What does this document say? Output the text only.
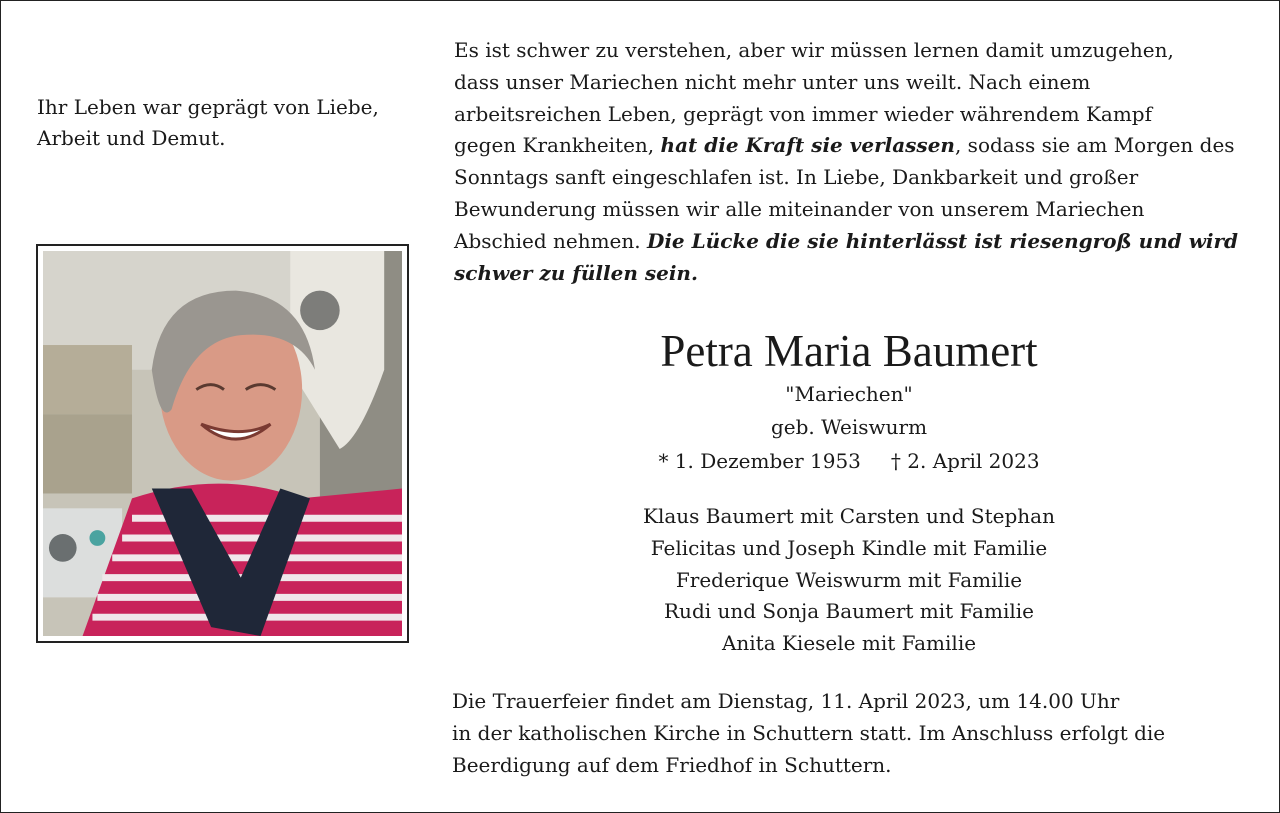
Ihr Leben war geprägt von Liebe,
Arbeit und Demut.
Es ist schwer zu verstehen, aber wir müssen lernen damit umzugehen,
dass unser Mariechen nicht mehr unter uns weilt. Nach einem
arbeitsreichen Leben, geprägt von immer wieder währendem Kampf
gegen Krankheiten, hat die Kraft sie verlassen, sodass sie am Morgen des
Sonntags sanft eingeschlafen ist. In Liebe, Dankbarkeit und großer
Bewunderung müssen wir alle miteinander von unserem Mariechen
Abschied nehmen. Die Lücke die sie hinterlässt ist riesengroß und wird
schwer zu füllen sein.
Petra Maria Baumert
"Mariechen"
geb. Weiswurm
* 1. Dezember 1953 † 2. April 2023
Klaus Baumert mit Carsten und Stephan
Felicitas und Joseph Kindle mit Familie
Frederique Weiswurm mit Familie
Rudi und Sonja Baumert mit Familie
Anita Kiesele mit Familie
Die Trauerfeier findet am Dienstag, 11. April 2023, um 14.00 Uhr
in der katholischen Kirche in Schuttern statt. Im Anschluss erfolgt die
Beerdigung auf dem Friedhof in Schuttern.
